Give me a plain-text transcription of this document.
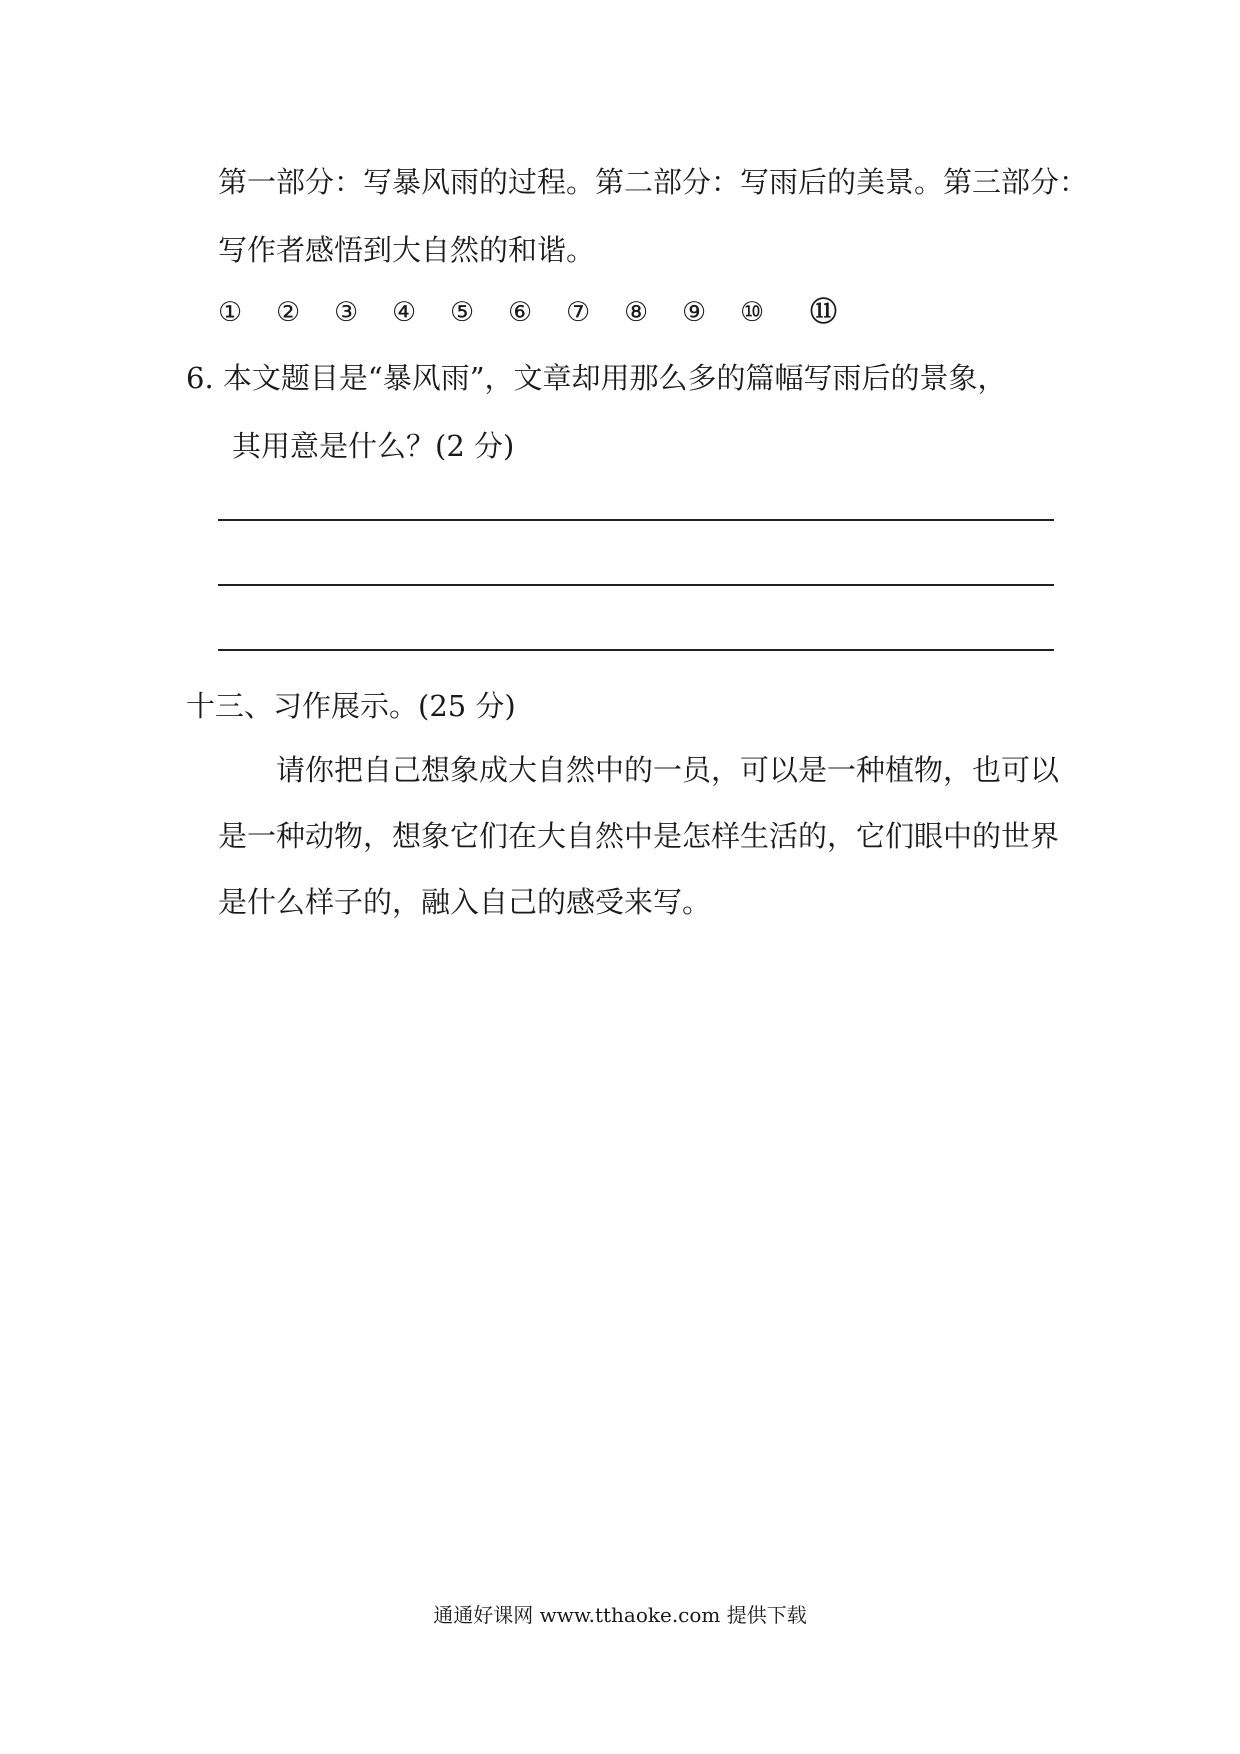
第一部分：写暴风雨的过程。第二部分：写雨后的美景。第三部分：
写作者感悟到大自然的和谐。
①	②	③	④	⑤	⑥	⑦	⑧	⑨	⑩	⑪
6. 本文题目是“暴风雨”，文章却用那么多的篇幅写雨后的景象，
其用意是什么？(2 分)
十三、习作展示。(25 分)
请你把自己想象成大自然中的一员，可以是一种植物，也可以
是一种动物，想象它们在大自然中是怎样生活的，它们眼中的世界
是什么样子的，融入自己的感受来写。
通通好课网 www.tthaoke.com 提供下载
